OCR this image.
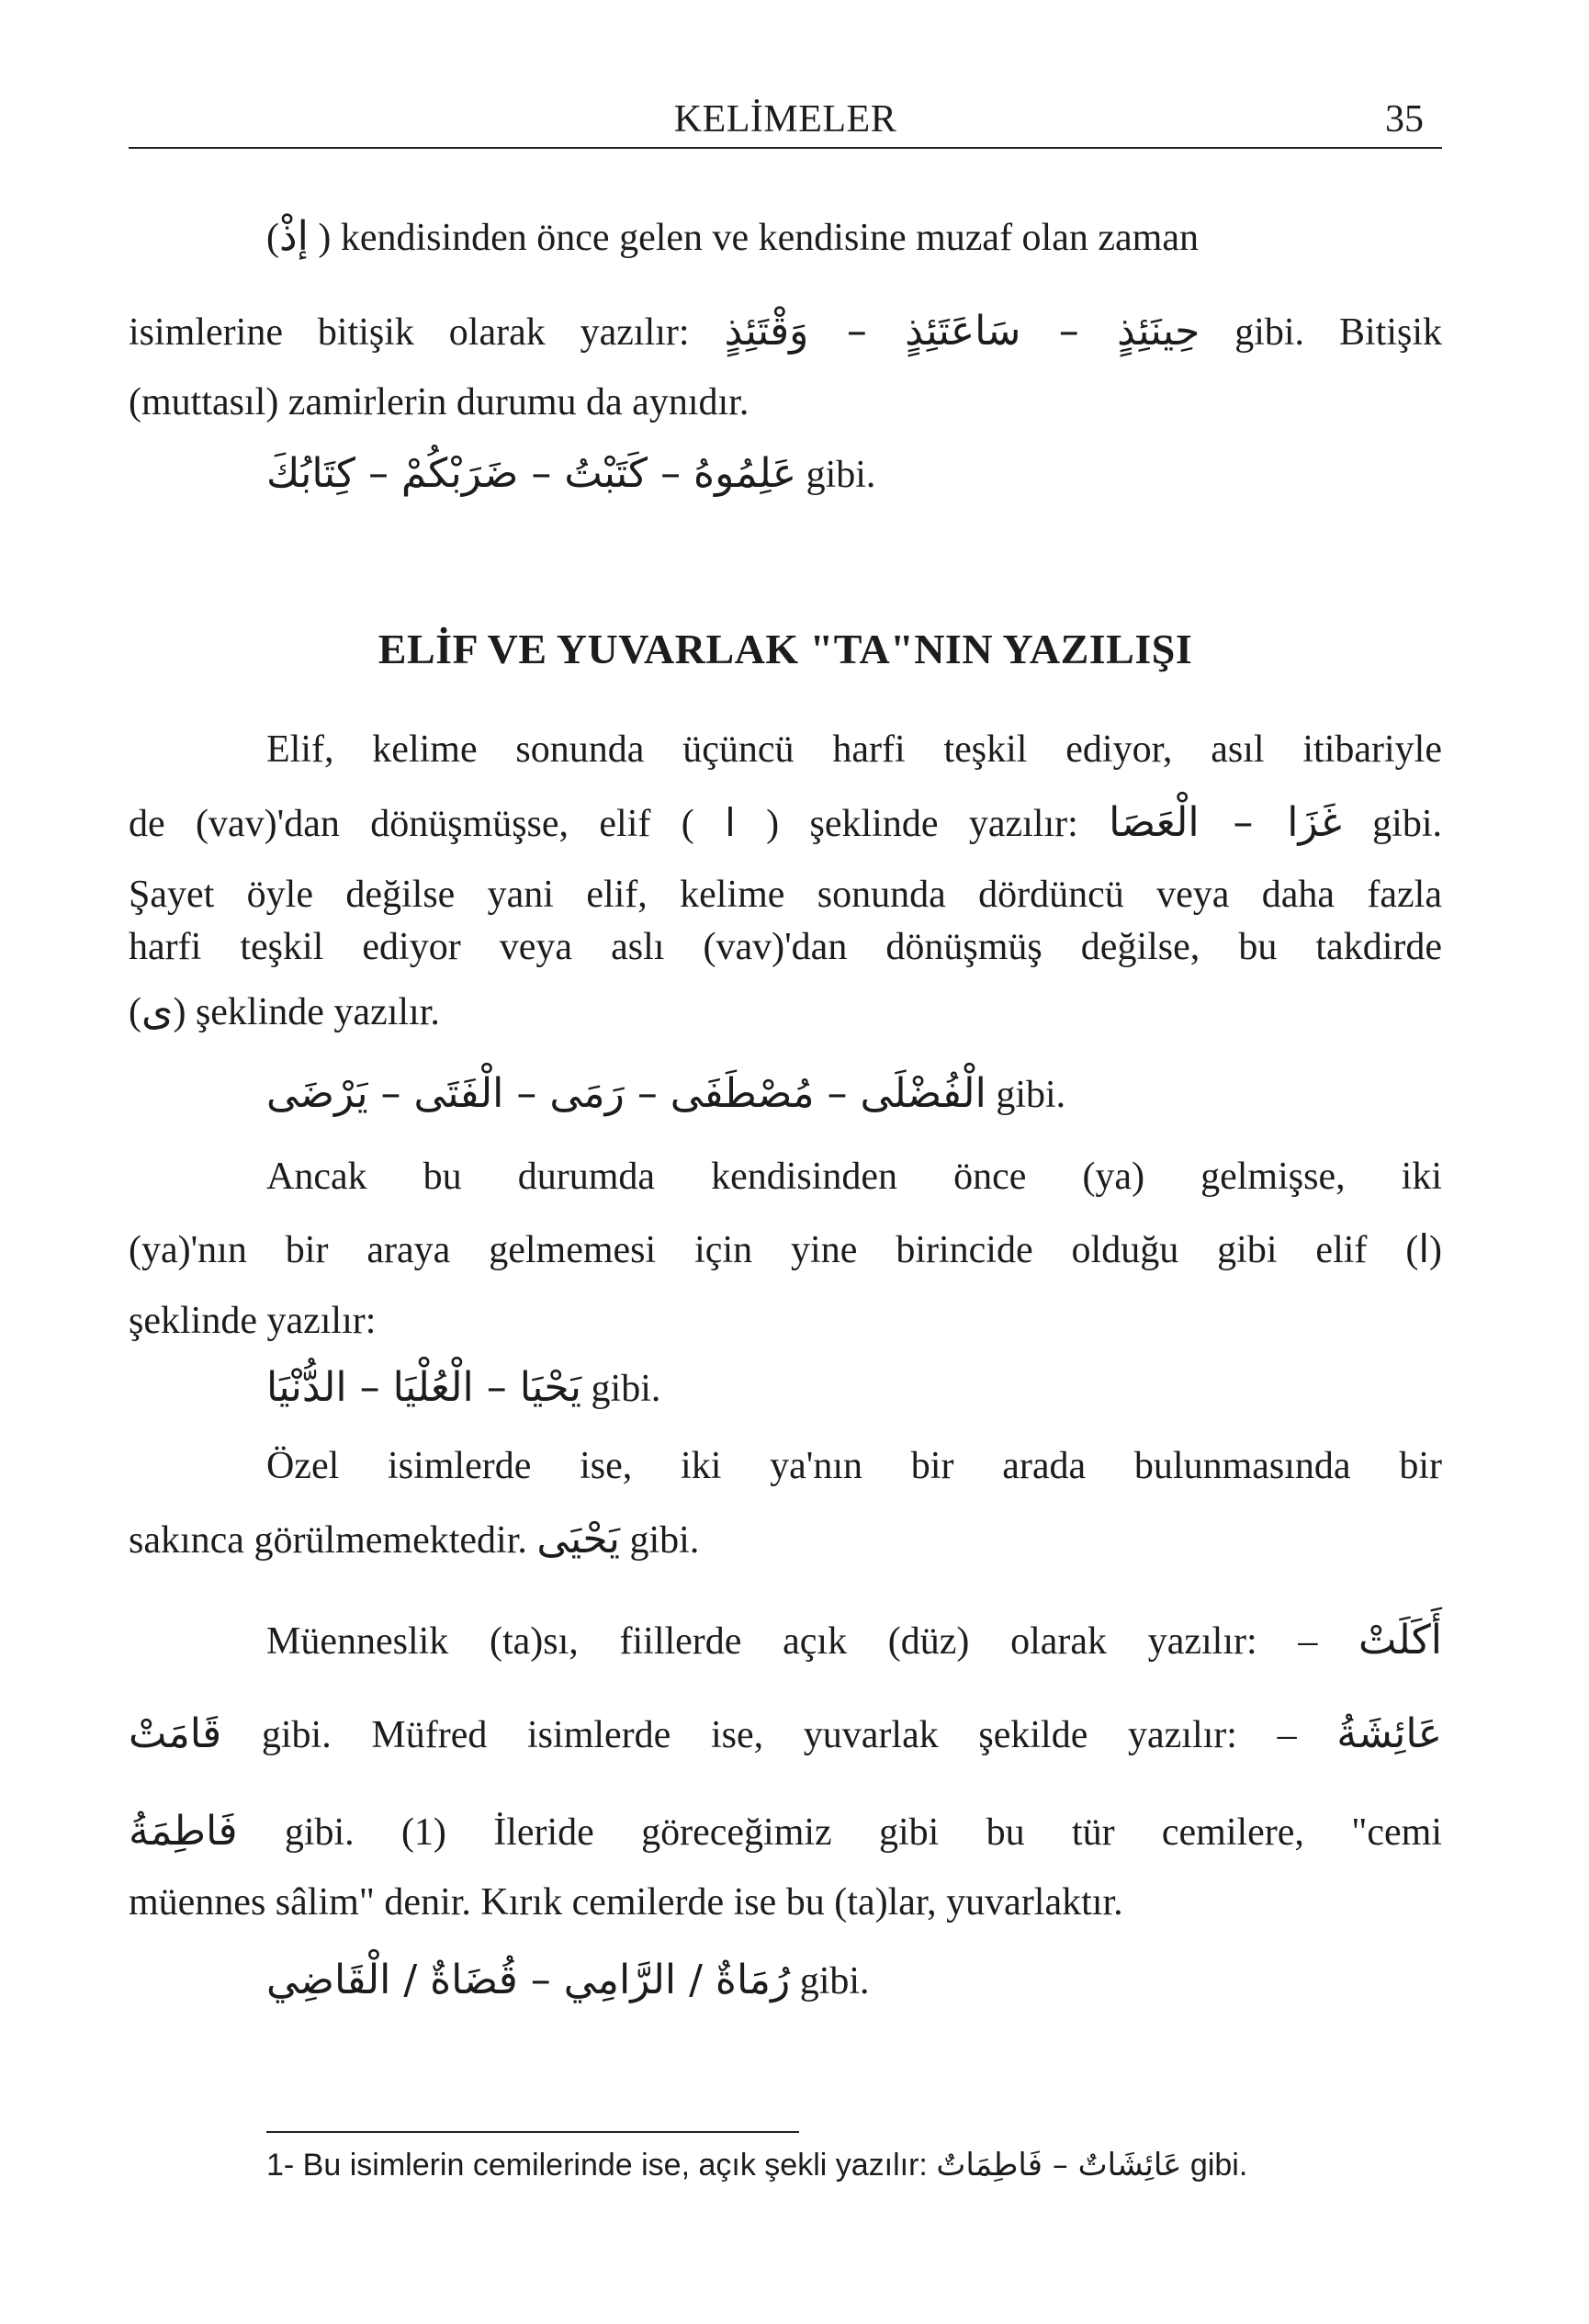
KELİMELER	35
(إذْ ) kendisinden önce gelen ve kendisine muzaf olan zaman
isimlerine bitişik olarak yazılır: حِينَئِذٍ – سَاعَتَئِذٍ – وَقْتَئِذٍ gibi. Bitişik
(muttasıl) zamirlerin durumu da aynıdır.
عَلِمُوهُ – كَتَبْتُ – ضَرَبْكُمْ – كِتَابُكَ gibi.
ELİF VE YUVARLAK "TA"NIN YAZILIŞI
Elif, kelime sonunda üçüncü harfi teşkil ediyor, asıl itibariyle
de (vav)'dan dönüşmüşse, elif ( ا ) şeklinde yazılır: غَزَا – الْعَصَا gibi.
Şayet öyle değilse yani elif, kelime sonunda dördüncü veya daha fazla
harfi teşkil ediyor veya aslı (vav)'dan dönüşmüş değilse, bu takdirde
(ى) şeklinde yazılır.
الْفُضْلَى – مُصْطَفَى – رَمَى – الْفَتَى – يَرْضَى gibi.
Ancak bu durumda kendisinden önce (ya) gelmişse, iki
(ya)'nın bir araya gelmemesi için yine birincide olduğu gibi elif (ا)
şeklinde yazılır:
يَحْيَا – الْعُلْيَا – الدُّنْيَا gibi.
Özel isimlerde ise, iki ya'nın bir arada bulunmasında bir
sakınca görülmemektedir. يَحْيَى gibi.
Müenneslik (ta)sı, fiillerde açık (düz) olarak yazılır: – أَكَلَتْ
قَامَتْ gibi. Müfred isimlerde ise, yuvarlak şekilde yazılır: – عَائِشَةُ
فَاطِمَةُ gibi. (1) İleride göreceğimiz gibi bu tür cemilere, "cemi
müennes sâlim" denir. Kırık cemilerde ise bu (ta)lar, yuvarlaktır.
رُمَاةٌ / الرَّامِي – قُضَاةٌ / الْقَاضِي gibi.
1- Bu isimlerin cemilerinde ise, açık şekli yazılır: عَائِشَاتٌ – فَاطِمَاتٌ gibi.
